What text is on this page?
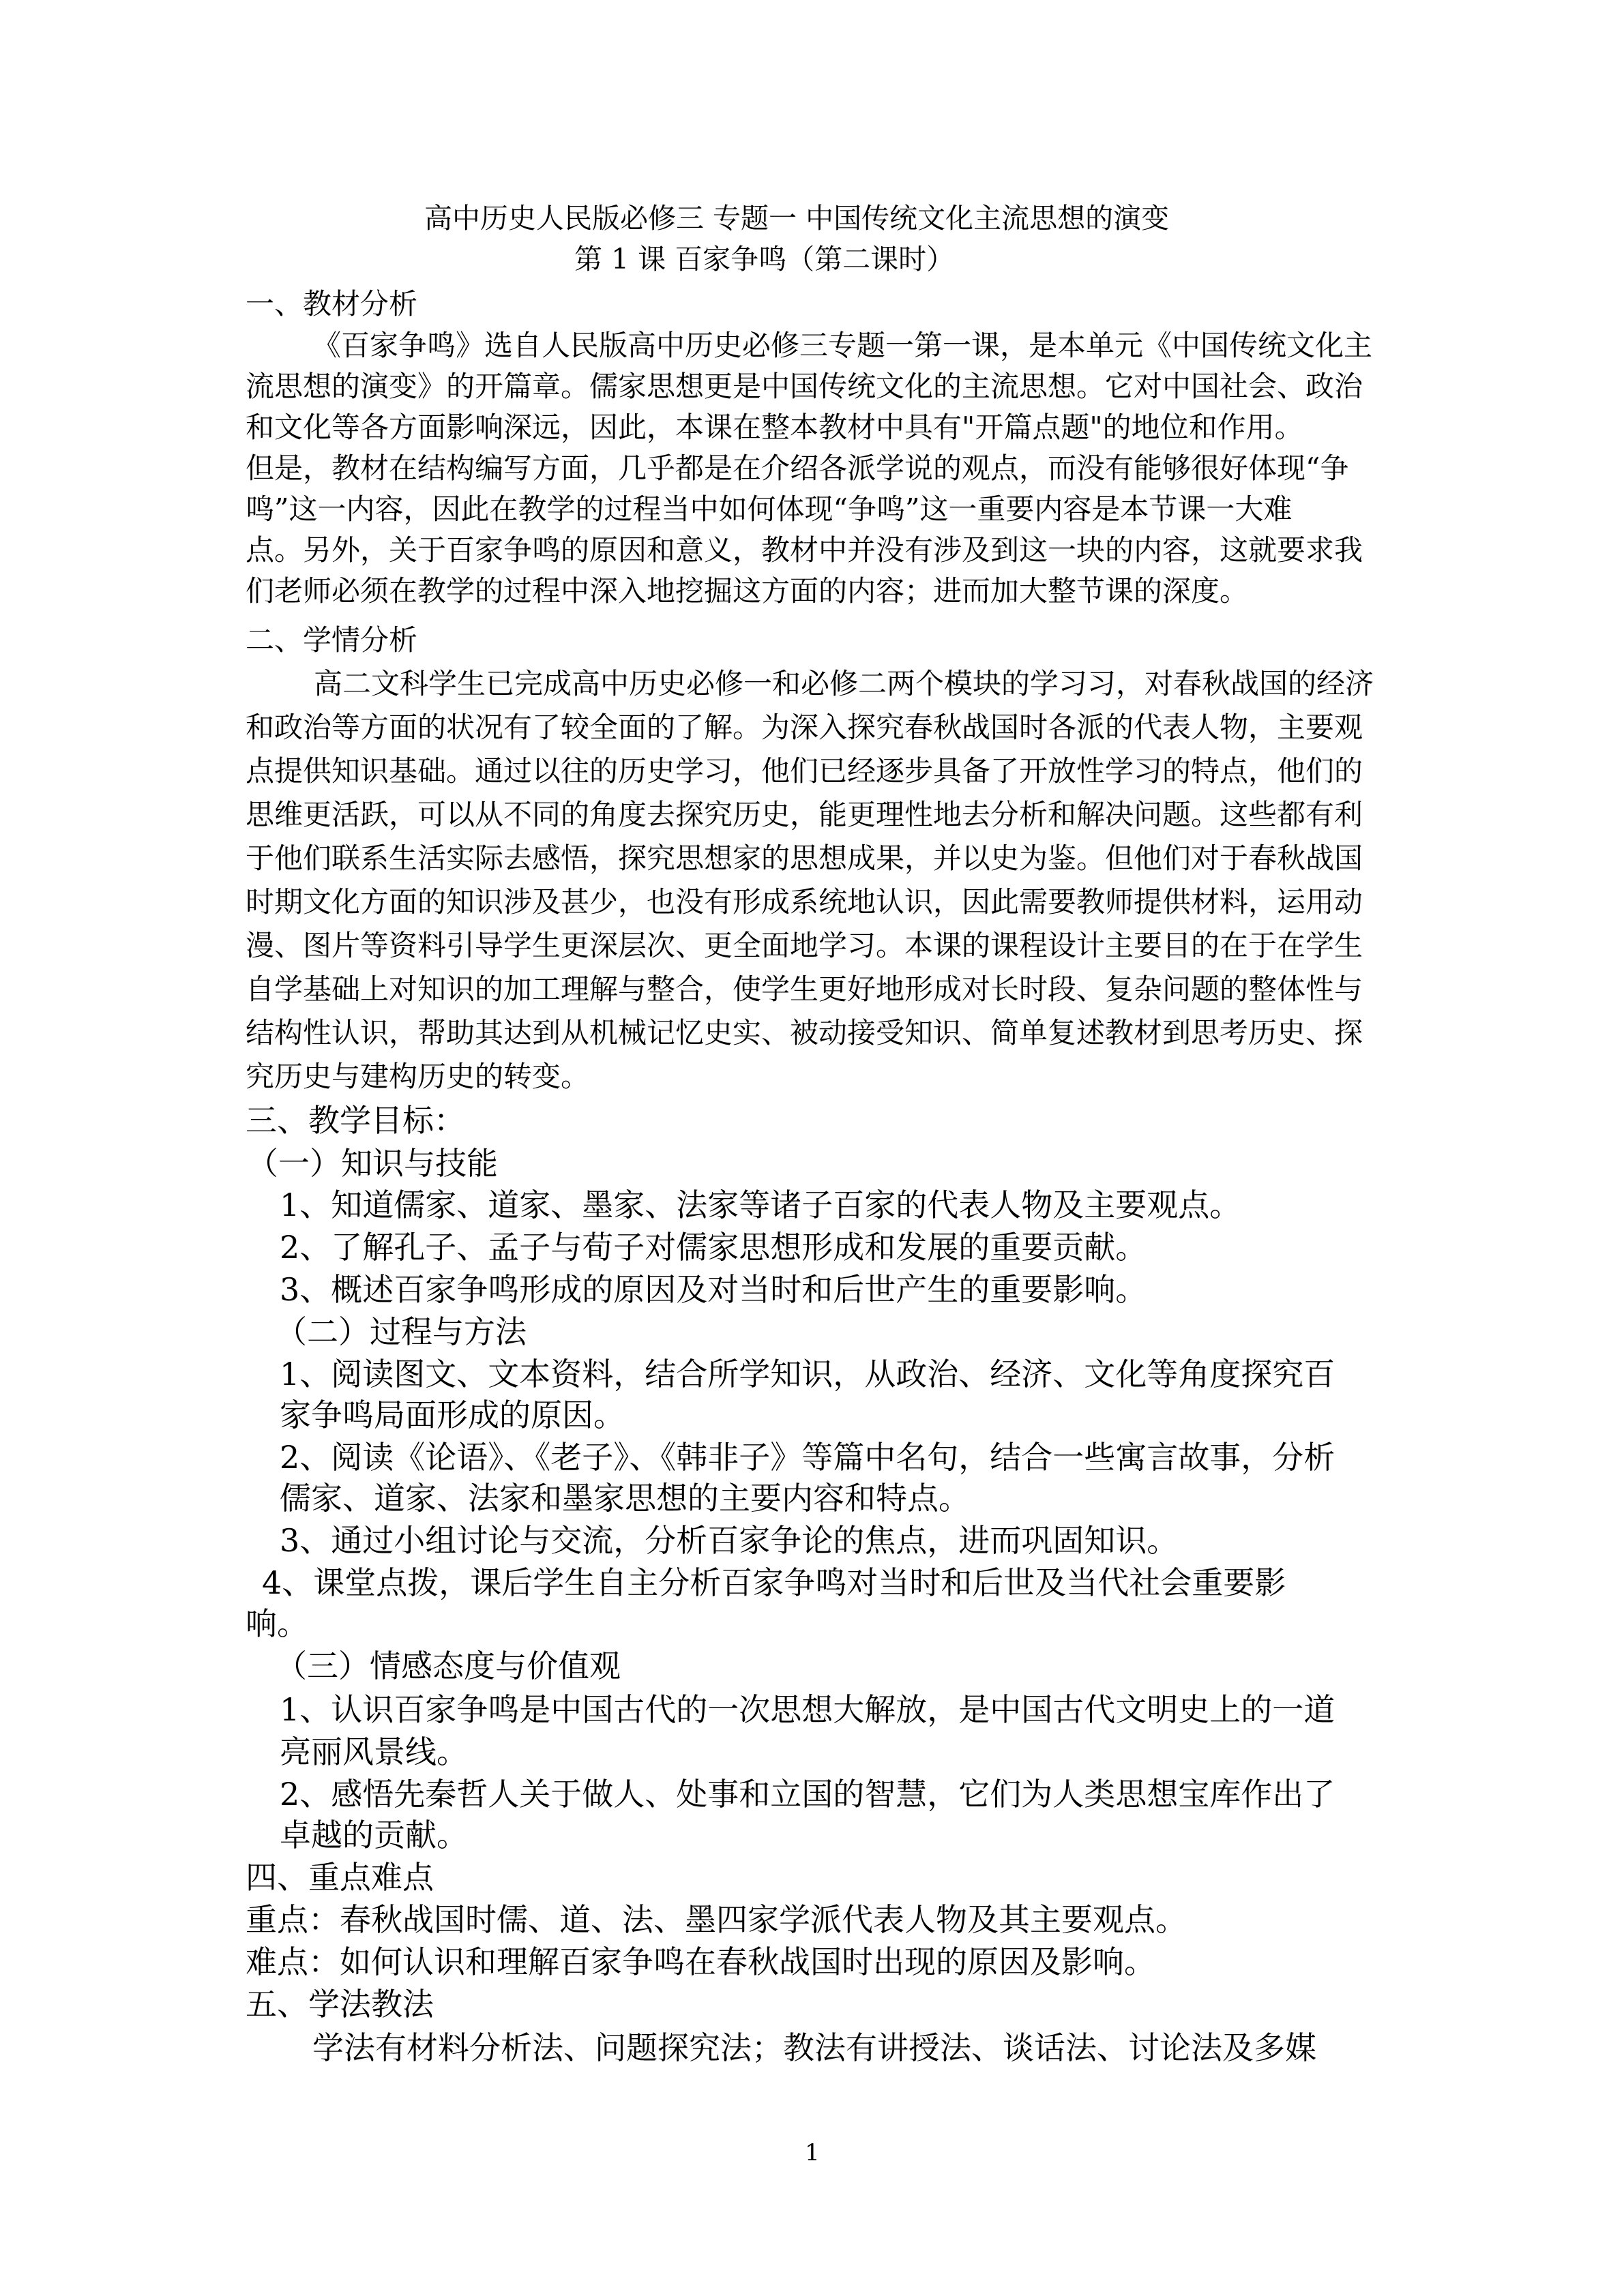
高中历史人民版必修三 专题一 中国传统文化主流思想的演变
第 1 课 百家争鸣（第二课时）
一、教材分析
《百家争鸣》选自人民版高中历史必修三专题一第一课，是本单元《中国传统文化主
流思想的演变》的开篇章。儒家思想更是中国传统文化的主流思想。它对中国社会、政治
和文化等各方面影响深远，因此，本课在整本教材中具有"开篇点题"的地位和作用。
但是，教材在结构编写方面，几乎都是在介绍各派学说的观点，而没有能够很好体现“争
鸣”这一内容，因此在教学的过程当中如何体现“争鸣”这一重要内容是本节课一大难
点。另外，关于百家争鸣的原因和意义，教材中并没有涉及到这一块的内容，这就要求我
们老师必须在教学的过程中深入地挖掘这方面的内容；进而加大整节课的深度。
二、学情分析
高二文科学生已完成高中历史必修一和必修二两个模块的学习习，对春秋战国的经济
和政治等方面的状况有了较全面的了解。为深入探究春秋战国时各派的代表人物，主要观
点提供知识基础。通过以往的历史学习，他们已经逐步具备了开放性学习的特点，他们的
思维更活跃，可以从不同的角度去探究历史，能更理性地去分析和解决问题。这些都有利
于他们联系生活实际去感悟，探究思想家的思想成果，并以史为鉴。但他们对于春秋战国
时期文化方面的知识涉及甚少，也没有形成系统地认识，因此需要教师提供材料，运用动
漫、图片等资料引导学生更深层次、更全面地学习。本课的课程设计主要目的在于在学生
自学基础上对知识的加工理解与整合，使学生更好地形成对长时段、复杂问题的整体性与
结构性认识，帮助其达到从机械记忆史实、被动接受知识、简单复述教材到思考历史、探
究历史与建构历史的转变。
三、教学目标：
（一）知识与技能
1、知道儒家、道家、墨家、法家等诸子百家的代表人物及主要观点。
2、了解孔子、孟子与荀子对儒家思想形成和发展的重要贡献。
3、概述百家争鸣形成的原因及对当时和后世产生的重要影响。
（二）过程与方法
1、阅读图文、文本资料，结合所学知识，从政治、经济、文化等角度探究百
家争鸣局面形成的原因。
2、阅读《论语》、《老子》、《韩非子》等篇中名句，结合一些寓言故事，分析
儒家、道家、法家和墨家思想的主要内容和特点。
3、通过小组讨论与交流，分析百家争论的焦点，进而巩固知识。
4、课堂点拨，课后学生自主分析百家争鸣对当时和后世及当代社会重要影
响。
（三）情感态度与价值观
1、认识百家争鸣是中国古代的一次思想大解放，是中国古代文明史上的一道
亮丽风景线。
2、感悟先秦哲人关于做人、处事和立国的智慧，它们为人类思想宝库作出了
卓越的贡献。
四、重点难点
重点：春秋战国时儒、道、法、墨四家学派代表人物及其主要观点。
难点：如何认识和理解百家争鸣在春秋战国时出现的原因及影响。
五、学法教法
学法有材料分析法、问题探究法；教法有讲授法、谈话法、讨论法及多媒
1
